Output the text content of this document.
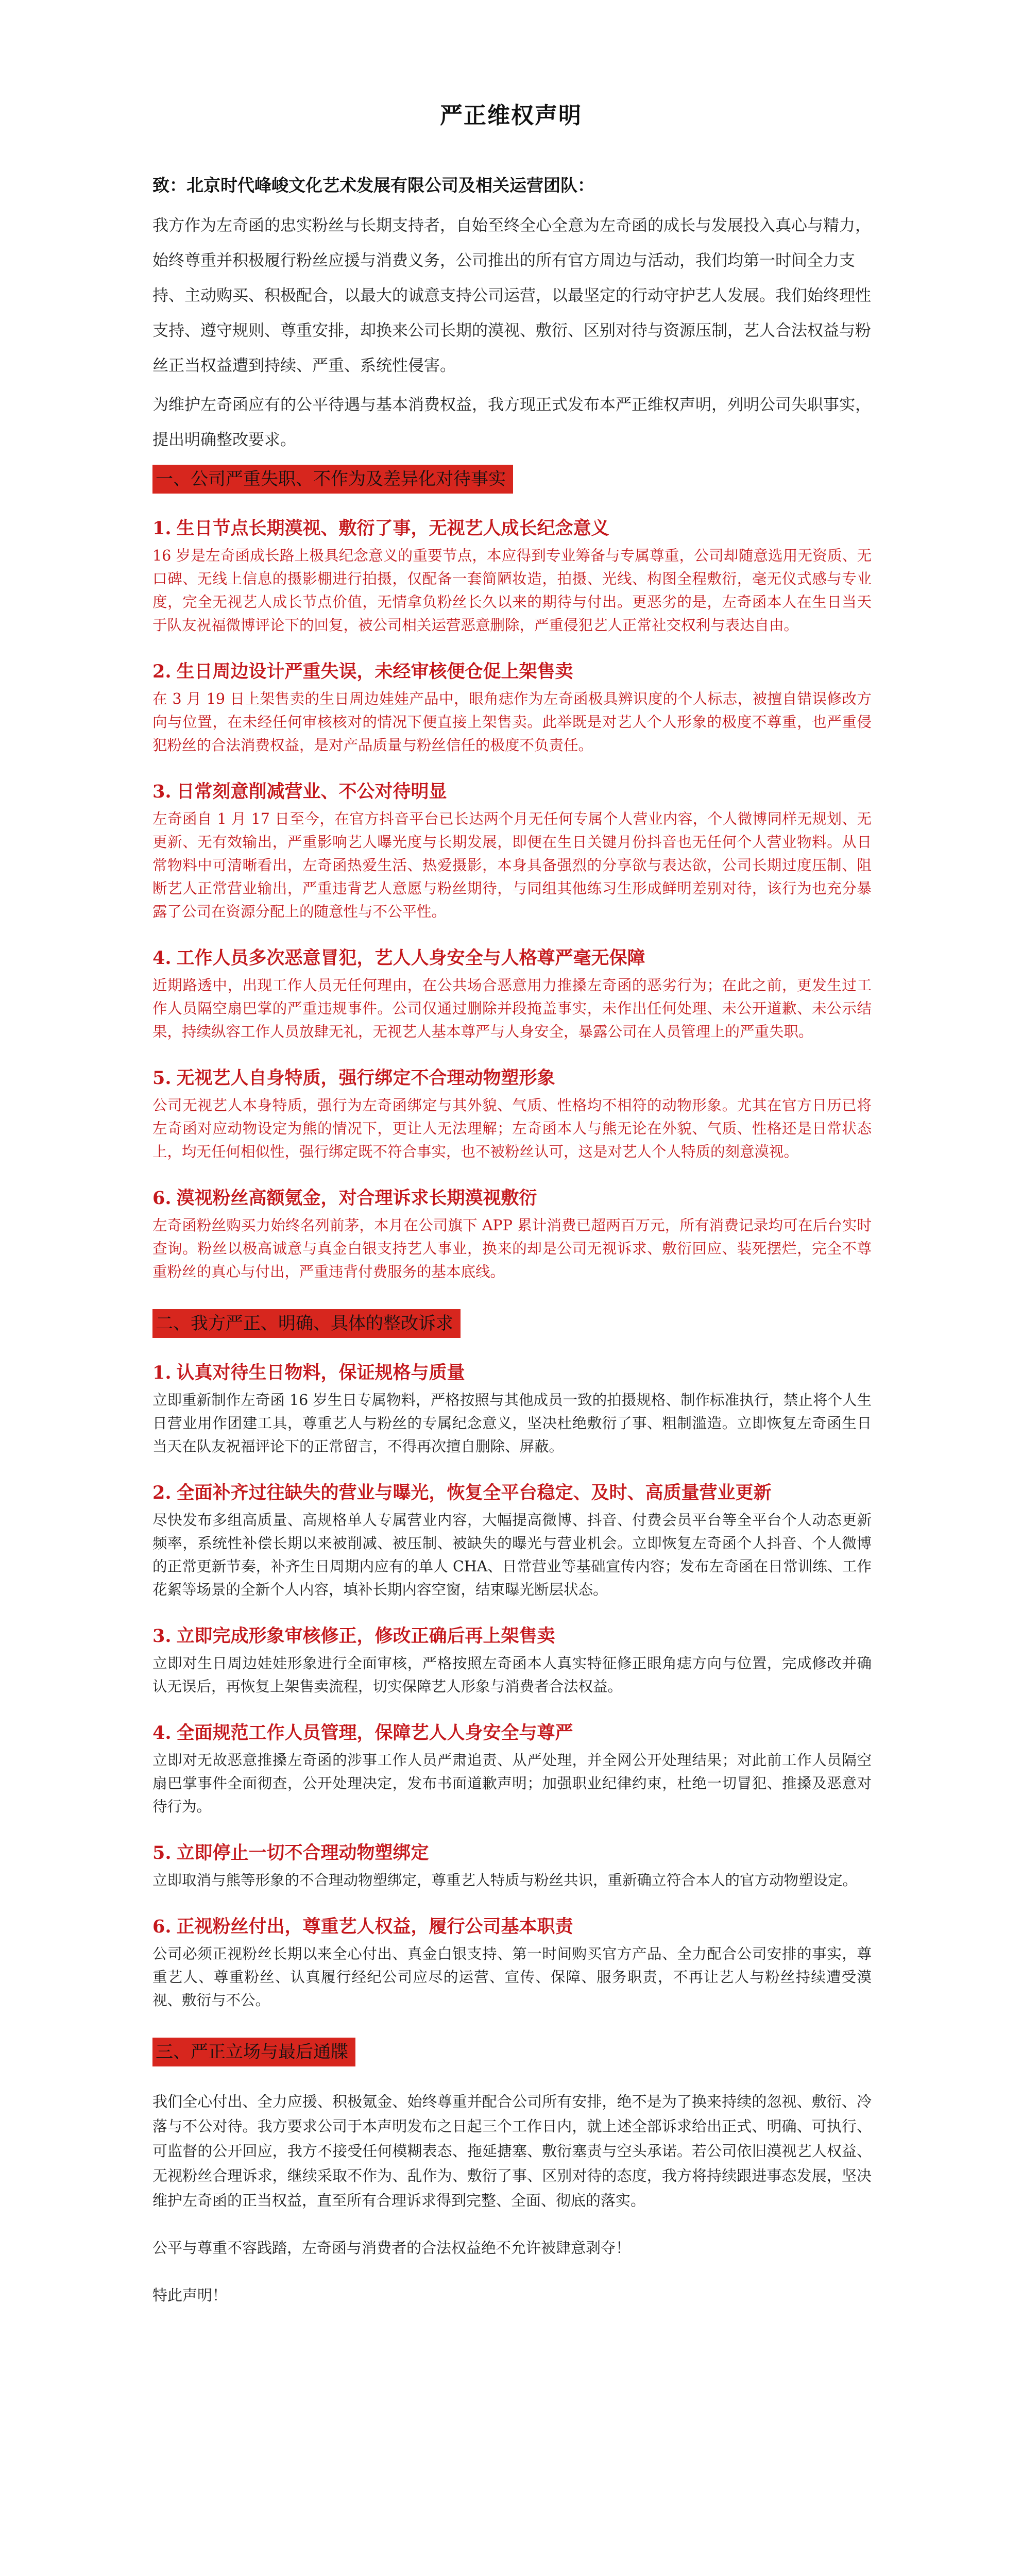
严正维权声明
致：北京时代峰峻文化艺术发展有限公司及相关运营团队：

我方作为左奇函的忠实粉丝与长期支持者，自始至终全心全意为左奇函的成长与发展投入真心与精力，始终尊重并积极履行粉丝应援与消费义务，公司推出的所有官方周边与活动，我们均第一时间全力支持、主动购买、积极配合，以最大的诚意支持公司运营，以最坚定的行动守护艺人发展。我们始终理性支持、遵守规则、尊重安排，却换来公司长期的漠视、敷衍、区别对待与资源压制，艺人合法权益与粉丝正当权益遭到持续、严重、系统性侵害。

为维护左奇函应有的公平待遇与基本消费权益，我方现正式发布本严正维权声明，列明公司失职事实，提出明确整改要求。

一、公司严重失职、不作为及差异化对待事实

1. 生日节点长期漠视、敷衍了事，无视艺人成长纪念意义

16 岁是左奇函成长路上极具纪念意义的重要节点，本应得到专业筹备与专属尊重，公司却随意选用无资质、无口碑、无线上信息的摄影棚进行拍摄，仅配备一套简陋妆造，拍摄、光线、构图全程敷衍，毫无仪式感与专业度，完全无视艺人成长节点价值，无情拿负粉丝长久以来的期待与付出。更恶劣的是，左奇函本人在生日当天于队友祝福微博评论下的回复，被公司相关运营恶意删除，严重侵犯艺人正常社交权利与表达自由。

2. 生日周边设计严重失误，未经审核便仓促上架售卖

在 3 月 19 日上架售卖的生日周边娃娃产品中，眼角痣作为左奇函极具辨识度的个人标志，被擅自错误修改方向与位置，在未经任何审核核对的情况下便直接上架售卖。此举既是对艺人个人形象的极度不尊重，也严重侵犯粉丝的合法消费权益，是对产品质量与粉丝信任的极度不负责任。

3. 日常刻意削减营业、不公对待明显

左奇函自 1 月 17 日至今，在官方抖音平台已长达两个月无任何专属个人营业内容，个人微博同样无规划、无更新、无有效输出，严重影响艺人曝光度与长期发展，即便在生日关键月份抖音也无任何个人营业物料。从日常物料中可清晰看出，左奇函热爱生活、热爱摄影，本身具备强烈的分享欲与表达欲，公司长期过度压制、阻断艺人正常营业输出，严重违背艺人意愿与粉丝期待，与同组其他练习生形成鲜明差别对待，该行为也充分暴露了公司在资源分配上的随意性与不公平性。

4. 工作人员多次恶意冒犯，艺人人身安全与人格尊严毫无保障

近期路透中，出现工作人员无任何理由，在公共场合恶意用力推搡左奇函的恶劣行为；在此之前，更发生过工作人员隔空扇巴掌的严重违规事件。公司仅通过删除并段掩盖事实，未作出任何处理、未公开道歉、未公示结果，持续纵容工作人员放肆无礼，无视艺人基本尊严与人身安全，暴露公司在人员管理上的严重失职。

5. 无视艺人自身特质，强行绑定不合理动物塑形象

公司无视艺人本身特质，强行为左奇函绑定与其外貌、气质、性格均不相符的动物形象。尤其在官方日历已将左奇函对应动物设定为熊的情况下，更让人无法理解；左奇函本人与熊无论在外貌、气质、性格还是日常状态上，均无任何相似性，强行绑定既不符合事实，也不被粉丝认可，这是对艺人个人特质的刻意漠视。

6. 漠视粉丝高额氪金，对合理诉求长期漠视敷衍

左奇函粉丝购买力始终名列前茅，本月在公司旗下 APP 累计消费已超两百万元，所有消费记录均可在后台实时查询。粉丝以极高诚意与真金白银支持艺人事业，换来的却是公司无视诉求、敷衍回应、装死摆烂，完全不尊重粉丝的真心与付出，严重违背付费服务的基本底线。

二、我方严正、明确、具体的整改诉求

1. 认真对待生日物料，保证规格与质量

立即重新制作左奇函 16 岁生日专属物料，严格按照与其他成员一致的拍摄规格、制作标准执行，禁止将个人生日营业用作团建工具，尊重艺人与粉丝的专属纪念意义，坚决杜绝敷衍了事、粗制滥造。立即恢复左奇函生日当天在队友祝福评论下的正常留言，不得再次擅自删除、屏蔽。

2. 全面补齐过往缺失的营业与曝光，恢复全平台稳定、及时、高质量营业更新

尽快发布多组高质量、高规格单人专属营业内容，大幅提高微博、抖音、付费会员平台等全平台个人动态更新频率，系统性补偿长期以来被削减、被压制、被缺失的曝光与营业机会。立即恢复左奇函个人抖音、个人微博的正常更新节奏，补齐生日周期内应有的单人 CHA、日常营业等基础宣传内容；发布左奇函在日常训练、工作花絮等场景的全新个人内容，填补长期内容空窗，结束曝光断层状态。

3. 立即完成形象审核修正，修改正确后再上架售卖

立即对生日周边娃娃形象进行全面审核，严格按照左奇函本人真实特征修正眼角痣方向与位置，完成修改并确认无误后，再恢复上架售卖流程，切实保障艺人形象与消费者合法权益。

4. 全面规范工作人员管理，保障艺人人身安全与尊严

立即对无故恶意推搡左奇函的涉事工作人员严肃追责、从严处理，并全网公开处理结果；对此前工作人员隔空扇巴掌事件全面彻查，公开处理决定，发布书面道歉声明；加强职业纪律约束，杜绝一切冒犯、推搡及恶意对待行为。

5. 立即停止一切不合理动物塑绑定

立即取消与熊等形象的不合理动物塑绑定，尊重艺人特质与粉丝共识，重新确立符合本人的官方动物塑设定。

6. 正视粉丝付出，尊重艺人权益，履行公司基本职责

公司必须正视粉丝长期以来全心付出、真金白银支持、第一时间购买官方产品、全力配合公司安排的事实，尊重艺人、尊重粉丝、认真履行经纪公司应尽的运营、宣传、保障、服务职责，不再让艺人与粉丝持续遭受漠视、敷衍与不公。

三、严正立场与最后通牒

我们全心付出、全力应援、积极氪金、始终尊重并配合公司所有安排，绝不是为了换来持续的忽视、敷衍、冷落与不公对待。我方要求公司于本声明发布之日起三个工作日内，就上述全部诉求给出正式、明确、可执行、可监督的公开回应，我方不接受任何模糊表态、拖延搪塞、敷衍塞责与空头承诺。若公司依旧漠视艺人权益、无视粉丝合理诉求，继续采取不作为、乱作为、敷衍了事、区别对待的态度，我方将持续跟进事态发展，坚决维护左奇函的正当权益，直至所有合理诉求得到完整、全面、彻底的落实。

公平与尊重不容践踏，左奇函与消费者的合法权益绝不允许被肆意剥夺！

特此声明！
